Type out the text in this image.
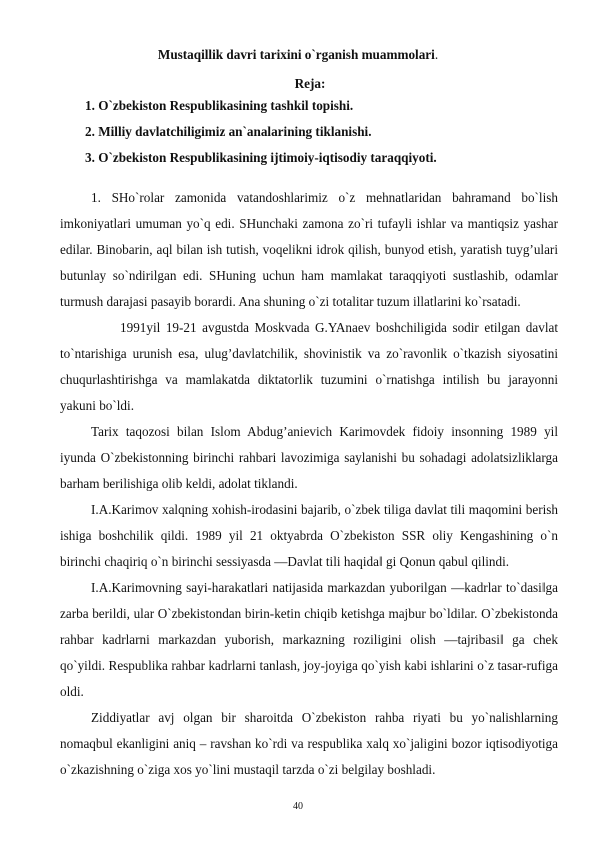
Mustaqillik davri tarixini o`rganish muammolari.
Reja:
1. O`zbekiston Respublikasining tashkil topishi.
2. Milliy davlatchiligimiz an`analarining tiklanishi.
3. O`zbekiston Respublikasining ijtimoiy-iqtisodiy taraqqiyoti.

1. SHo`rolar zamonida vatandoshlarimiz o`z mehnatlaridan bahramand bo`lish imkoniyatlari umuman yo`q edi. SHunchaki zamona zo`ri tufayli ishlar va mantiqsiz yashar edilar. Binobarin, aql bilan ish tutish, voqelikni idrok qilish, bunyod etish, yaratish tuyg’ulari butunlay so`ndirilgan edi. SHuning uchun ham mamlakat taraqqiyoti sustlashib, odamlar turmush darajasi pasayib borardi. Ana shuning o`zi totalitar tuzum illatlarini ko`rsatadi.

1991yil 19-21 avgustda Moskvada G.YAnaev boshchiligida sodir etilgan davlat to`ntarishiga urunish esa, ulug’davlatchilik, shovinistik va zo`ravonlik o`tkazish siyosatini chuqurlashtirishga va mamlakatda diktatorlik tuzumini o`rnatishga intilish bu jarayonni yakuni bo`ldi.

Tarix taqozosi bilan Islom Abdug’anievich Karimovdek fidoiy insonning 1989 yil iyunda O`zbekistonning birinchi rahbari lavozimiga saylanishi bu sohadagi adolatsizliklarga barham berilishiga olib keldi, adolat tiklandi.

I.A.Karimov xalqning xohish-irodasini bajarib, o`zbek tiliga davlat tili maqomini berish ishiga boshchilik qildi. 1989 yil 21 oktyabrda O`zbekiston SSR oliy Kengashining o`n birinchi chaqiriq o`n birinchi sessiyasda ―Davlat tili haqida‖ gi Qonun qabul qilindi.

I.A.Karimovning sayi-harakatlari natijasida markazdan yuborilgan ―kadrlar to`dasi‖ga zarba berildi, ular O`zbekistondan birin-ketin chiqib ketishga majbur bo`ldilar. O`zbekistonda rahbar kadrlarni markazdan yuborish, markazning roziligini olish ―tajribasi‖ ga chek qo`yildi. Respublika rahbar kadrlarni tanlash, joy-joyiga qo`yish kabi ishlarini o`z tasar-rufiga oldi.

Ziddiyatlar avj olgan bir sharoitda O`zbekiston rahba riyati bu yo`nalishlarning nomaqbul ekanligini aniq – ravshan ko`rdi va respublika xalq xo`jaligini bozor iqtisodiyotiga o`zkazishning o`ziga xos yo`lini mustaqil tarzda o`zi belgilay boshladi.

40
